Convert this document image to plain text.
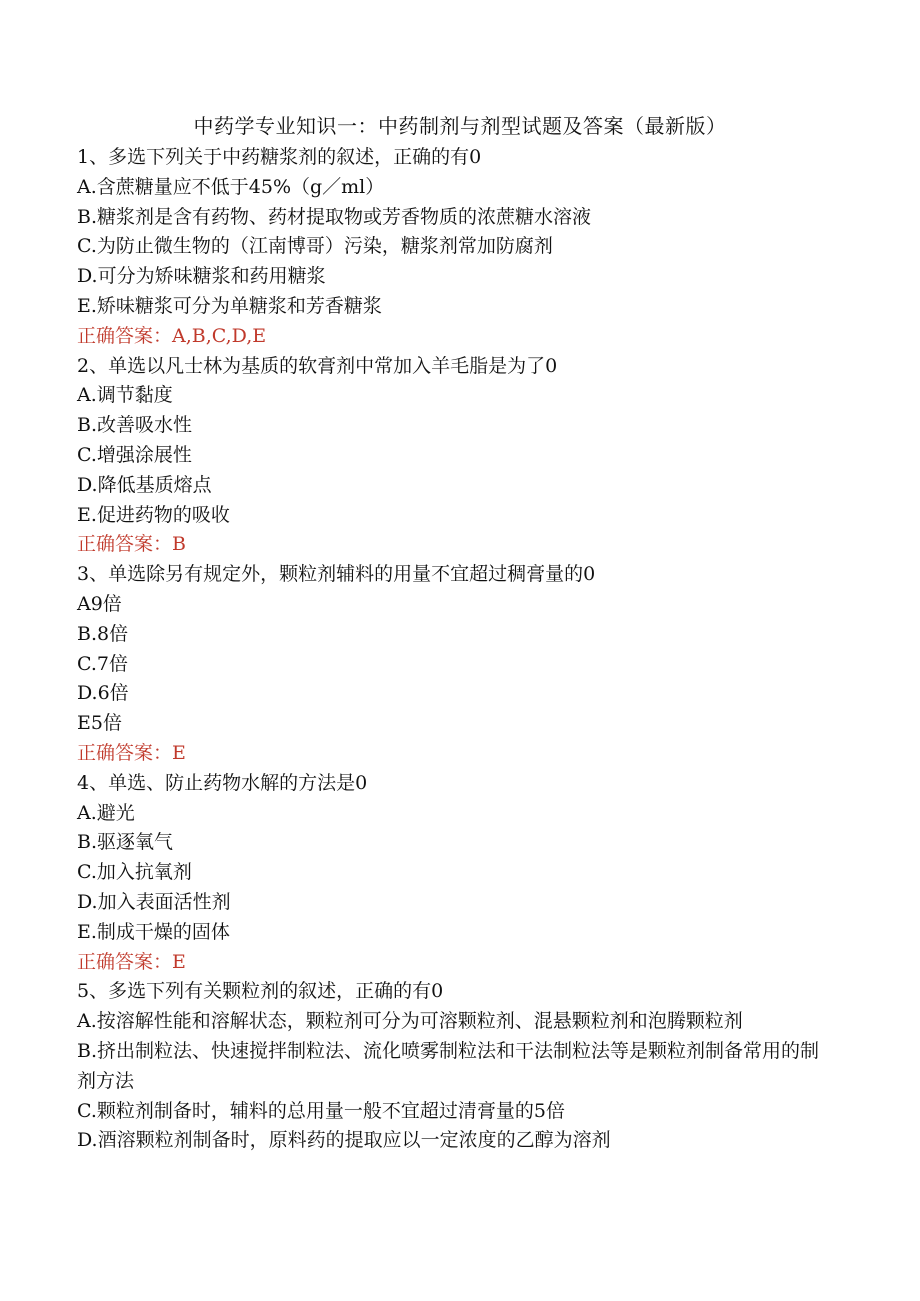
中药学专业知识一：中药制剂与剂型试题及答案（最新版）
1、多选下列关于中药糖浆剂的叙述，正确的有0
A.含蔗糖量应不低于45%（g／ml）
B.糖浆剂是含有药物、药材提取物或芳香物质的浓蔗糖水溶液
C.为防止微生物的（江南博哥）污染，糖浆剂常加防腐剂
D.可分为矫味糖浆和药用糖浆
E.矫味糖浆可分为单糖浆和芳香糖浆
正确答案：A,B,C,D,E
2、单选以凡士林为基质的软膏剂中常加入羊毛脂是为了0
A.调节黏度
B.改善吸水性
C.增强涂展性
D.降低基质熔点
E.促进药物的吸收
正确答案：B
3、单选除另有规定外，颗粒剂辅料的用量不宜超过稠膏量的0
A9倍
B.8倍
C.7倍
D.6倍
E5倍
正确答案：E
4、单选、防止药物水解的方法是0
A.避光
B.驱逐氧气
C.加入抗氧剂
D.加入表面活性剂
E.制成干燥的固体
正确答案：E
5、多选下列有关颗粒剂的叙述，正确的有0
A.按溶解性能和溶解状态，颗粒剂可分为可溶颗粒剂、混悬颗粒剂和泡腾颗粒剂
B.挤出制粒法、快速搅拌制粒法、流化喷雾制粒法和干法制粒法等是颗粒剂制备常用的制剂方法
C.颗粒剂制备时，辅料的总用量一般不宜超过清膏量的5倍
D.酒溶颗粒剂制备时，原料药的提取应以一定浓度的乙醇为溶剂
